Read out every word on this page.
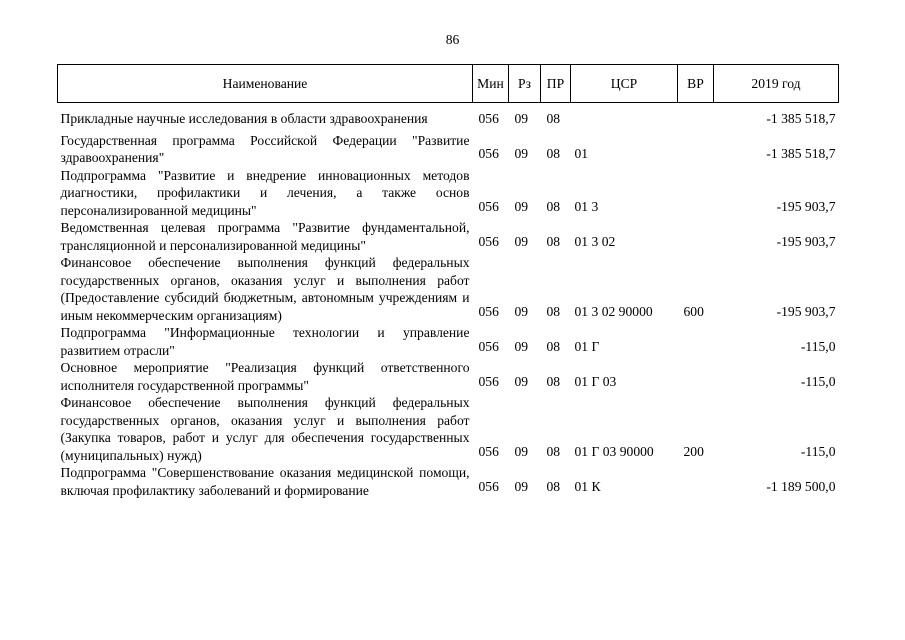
86
Наименование	Мин	Рз	ПР	ЦСР	ВР	2019 год
Прикладные научные исследования в области здравоохранения	056	09	08			-1 385 518,7
Государственная программа Российской Федерации "Развитие здравоохранения"	056	09	08	01		-1 385 518,7
Подпрограмма "Развитие и внедрение инновационных методов диагностики, профилактики и лечения, а также основ персонализированной медицины"	056	09	08	01 3		-195 903,7
Ведомственная целевая программа "Развитие фундаментальной, трансляционной и персонализированной медицины"	056	09	08	01 3 02		-195 903,7
Финансовое обеспечение выполнения функций федеральных государственных органов, оказания услуг и выполнения работ (Предоставление субсидий бюджетным, автономным учреждениям и иным некоммерческим организациям)	056	09	08	01 3 02 90000	600	-195 903,7
Подпрограмма "Информационные технологии и управление развитием отрасли"	056	09	08	01 Г		-115,0
Основное мероприятие "Реализация функций ответственного исполнителя государственной программы"	056	09	08	01 Г 03		-115,0
Финансовое обеспечение выполнения функций федеральных государственных органов, оказания услуг и выполнения работ (Закупка товаров, работ и услуг для обеспечения государственных (муниципальных) нужд)	056	09	08	01 Г 03 90000	200	-115,0
Подпрограмма "Совершенствование оказания медицинской помощи, включая профилактику заболеваний и формирование	056	09	08	01 К		-1 189 500,0
